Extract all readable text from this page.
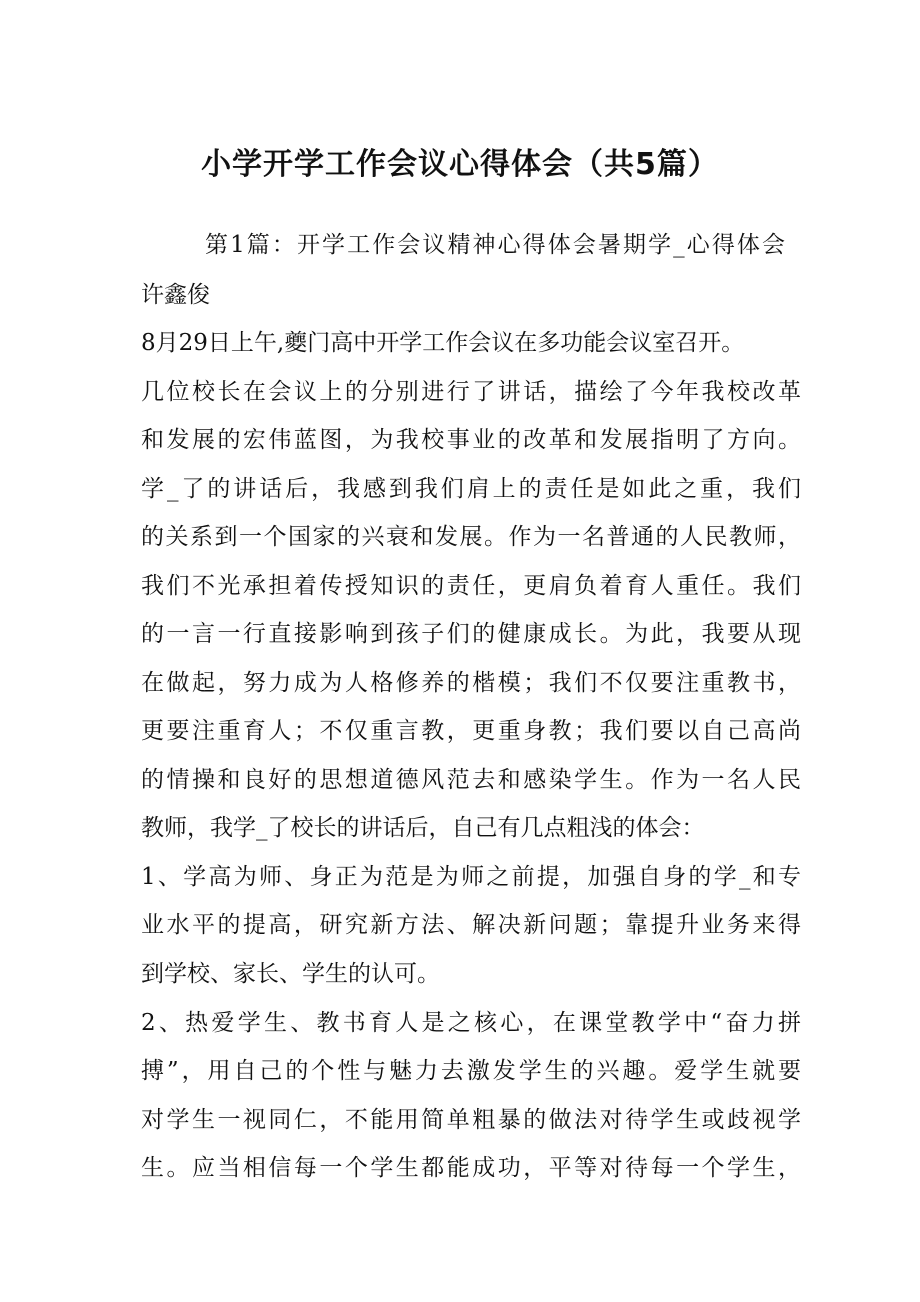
小学开学工作会议心得体会（共5篇）
第1篇：开学工作会议精神心得体会暑期学_心得体会
许鑫俊
8月29日上午,夔门高中开学工作会议在多功能会议室召开。
几位校长在会议上的分别进行了讲话，描绘了今年我校改革
和发展的宏伟蓝图，为我校事业的改革和发展指明了方向。
学_了的讲话后，我感到我们肩上的责任是如此之重，我们
的关系到一个国家的兴衰和发展。作为一名普通的人民教师，
我们不光承担着传授知识的责任，更肩负着育人重任。我们
的一言一行直接影响到孩子们的健康成长。为此，我要从现
在做起，努力成为人格修养的楷模；我们不仅要注重教书，
更要注重育人；不仅重言教，更重身教；我们要以自己高尚
的情操和良好的思想道德风范去和感染学生。作为一名人民
教师，我学_了校长的讲话后，自己有几点粗浅的体会：
1、学高为师、身正为范是为师之前提，加强自身的学_和专
业水平的提高，研究新方法、解决新问题；靠提升业务来得
到学校、家长、学生的认可。
2、热爱学生、教书育人是之核心，在课堂教学中“奋力拼
搏”，用自己的个性与魅力去激发学生的兴趣。爱学生就要
对学生一视同仁，不能用简单粗暴的做法对待学生或歧视学
生。应当相信每一个学生都能成功，平等对待每一个学生，
